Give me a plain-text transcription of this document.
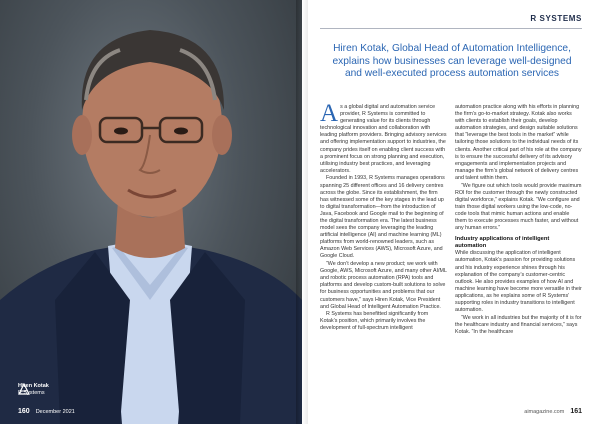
Hiren Kotak
R Systems
160 December 2021
R SYSTEMS
Hiren Kotak, Global Head of Automation Intelligence, explains how businesses can leverage well-designed and well-executed process automation services

As a global digital and automation service provider, R Systems is committed to generating value for its clients through technological innovation and collaboration with leading platform providers. Bringing advisory services and offering implementation support to industries, the company prides itself on enabling client success with a prominent focus on strong planning and execution, utilising industry best practices, and leveraging accelerators.

Founded in 1993, R Systems manages operations spanning 25 different offices and 16 delivery centres across the globe. Since its establishment, the firm has witnessed some of the key stages in the lead up to digital transformation—from the introduction of Java, Facebook and Google mail to the beginning of the digital transformation era. The latest business model sees the company leveraging the leading artificial intelligence (AI) and machine learning (ML) platforms from world-renowned leaders, such as Amazon Web Services (AWS), Microsoft Azure, and Google Cloud.

“We don’t develop a new product; we work with Google, AWS, Microsoft Azure, and many other AI/ML and robotic process automation (RPA) tools and platforms and develop custom-built solutions to solve for business opportunities and problems that our customers have,” says Hiren Kotak, Vice President and Global Head of Intelligent Automation Practice.

R Systems has benefitted significantly from Kotak’s position, which primarily involves the development of full-spectrum intelligent

automation practice along with his efforts in planning the firm’s go-to-market strategy. Kotak also works with clients to establish their goals, develop automation strategies, and design suitable solutions that “leverage the best tools in the market” while tailoring those solutions to the individual needs of its clients. Another critical part of his role at the company is to ensure the successful delivery of its advisory engagements and implementation projects and manage the firm’s global network of delivery centres and talent within them.

“We figure out which tools would provide maximum ROI for the customer through the newly constructed digital workforce,” explains Kotak. “We configure and train those digital workers using the low-code, no-code tools that mimic human actions and enable them to execute processes much faster, and without any human errors.”

Industry applications of intelligent automation

While discussing the application of intelligent automation, Kotak’s passion for providing solutions and his industry experience shines through his explanation of the company’s customer-centric outlook. He also provides examples of how AI and machine learning have become more versatile in their applications, as he explains some of R Systems’ supporting roles in industry transitions to intelligent automation.

“We work in all industries but the majority of it is for the healthcare industry and financial services,” says Kotak. “In the healthcare

aimagazine.com 161
